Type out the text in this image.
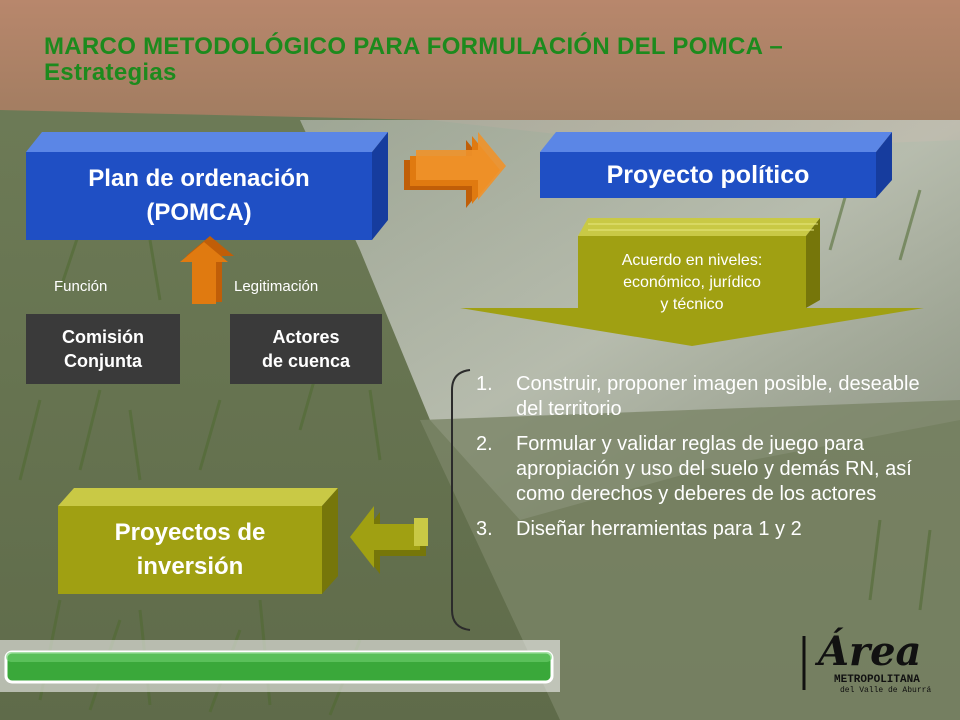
MARCO METODOLÓGICO PARA FORMULACIÓN DEL POMCA – Estrategias
Plan de ordenación
(POMCA)
Proyecto político
Acuerdo en niveles:
económico, jurídico
y técnico
Función	Legitimación
Comisión
Conjunta
Actores
de cuenca
Proyectos de
inversión
1.	Construir, proponer imagen posible, deseable del territorio
2.	Formular y validar reglas de juego para apropiación y uso del suelo y demás RN, así como derechos y deberes de los actores
3.	Diseñar herramientas para 1 y 2
Área
METROPOLITANA
del Valle de Aburrá
